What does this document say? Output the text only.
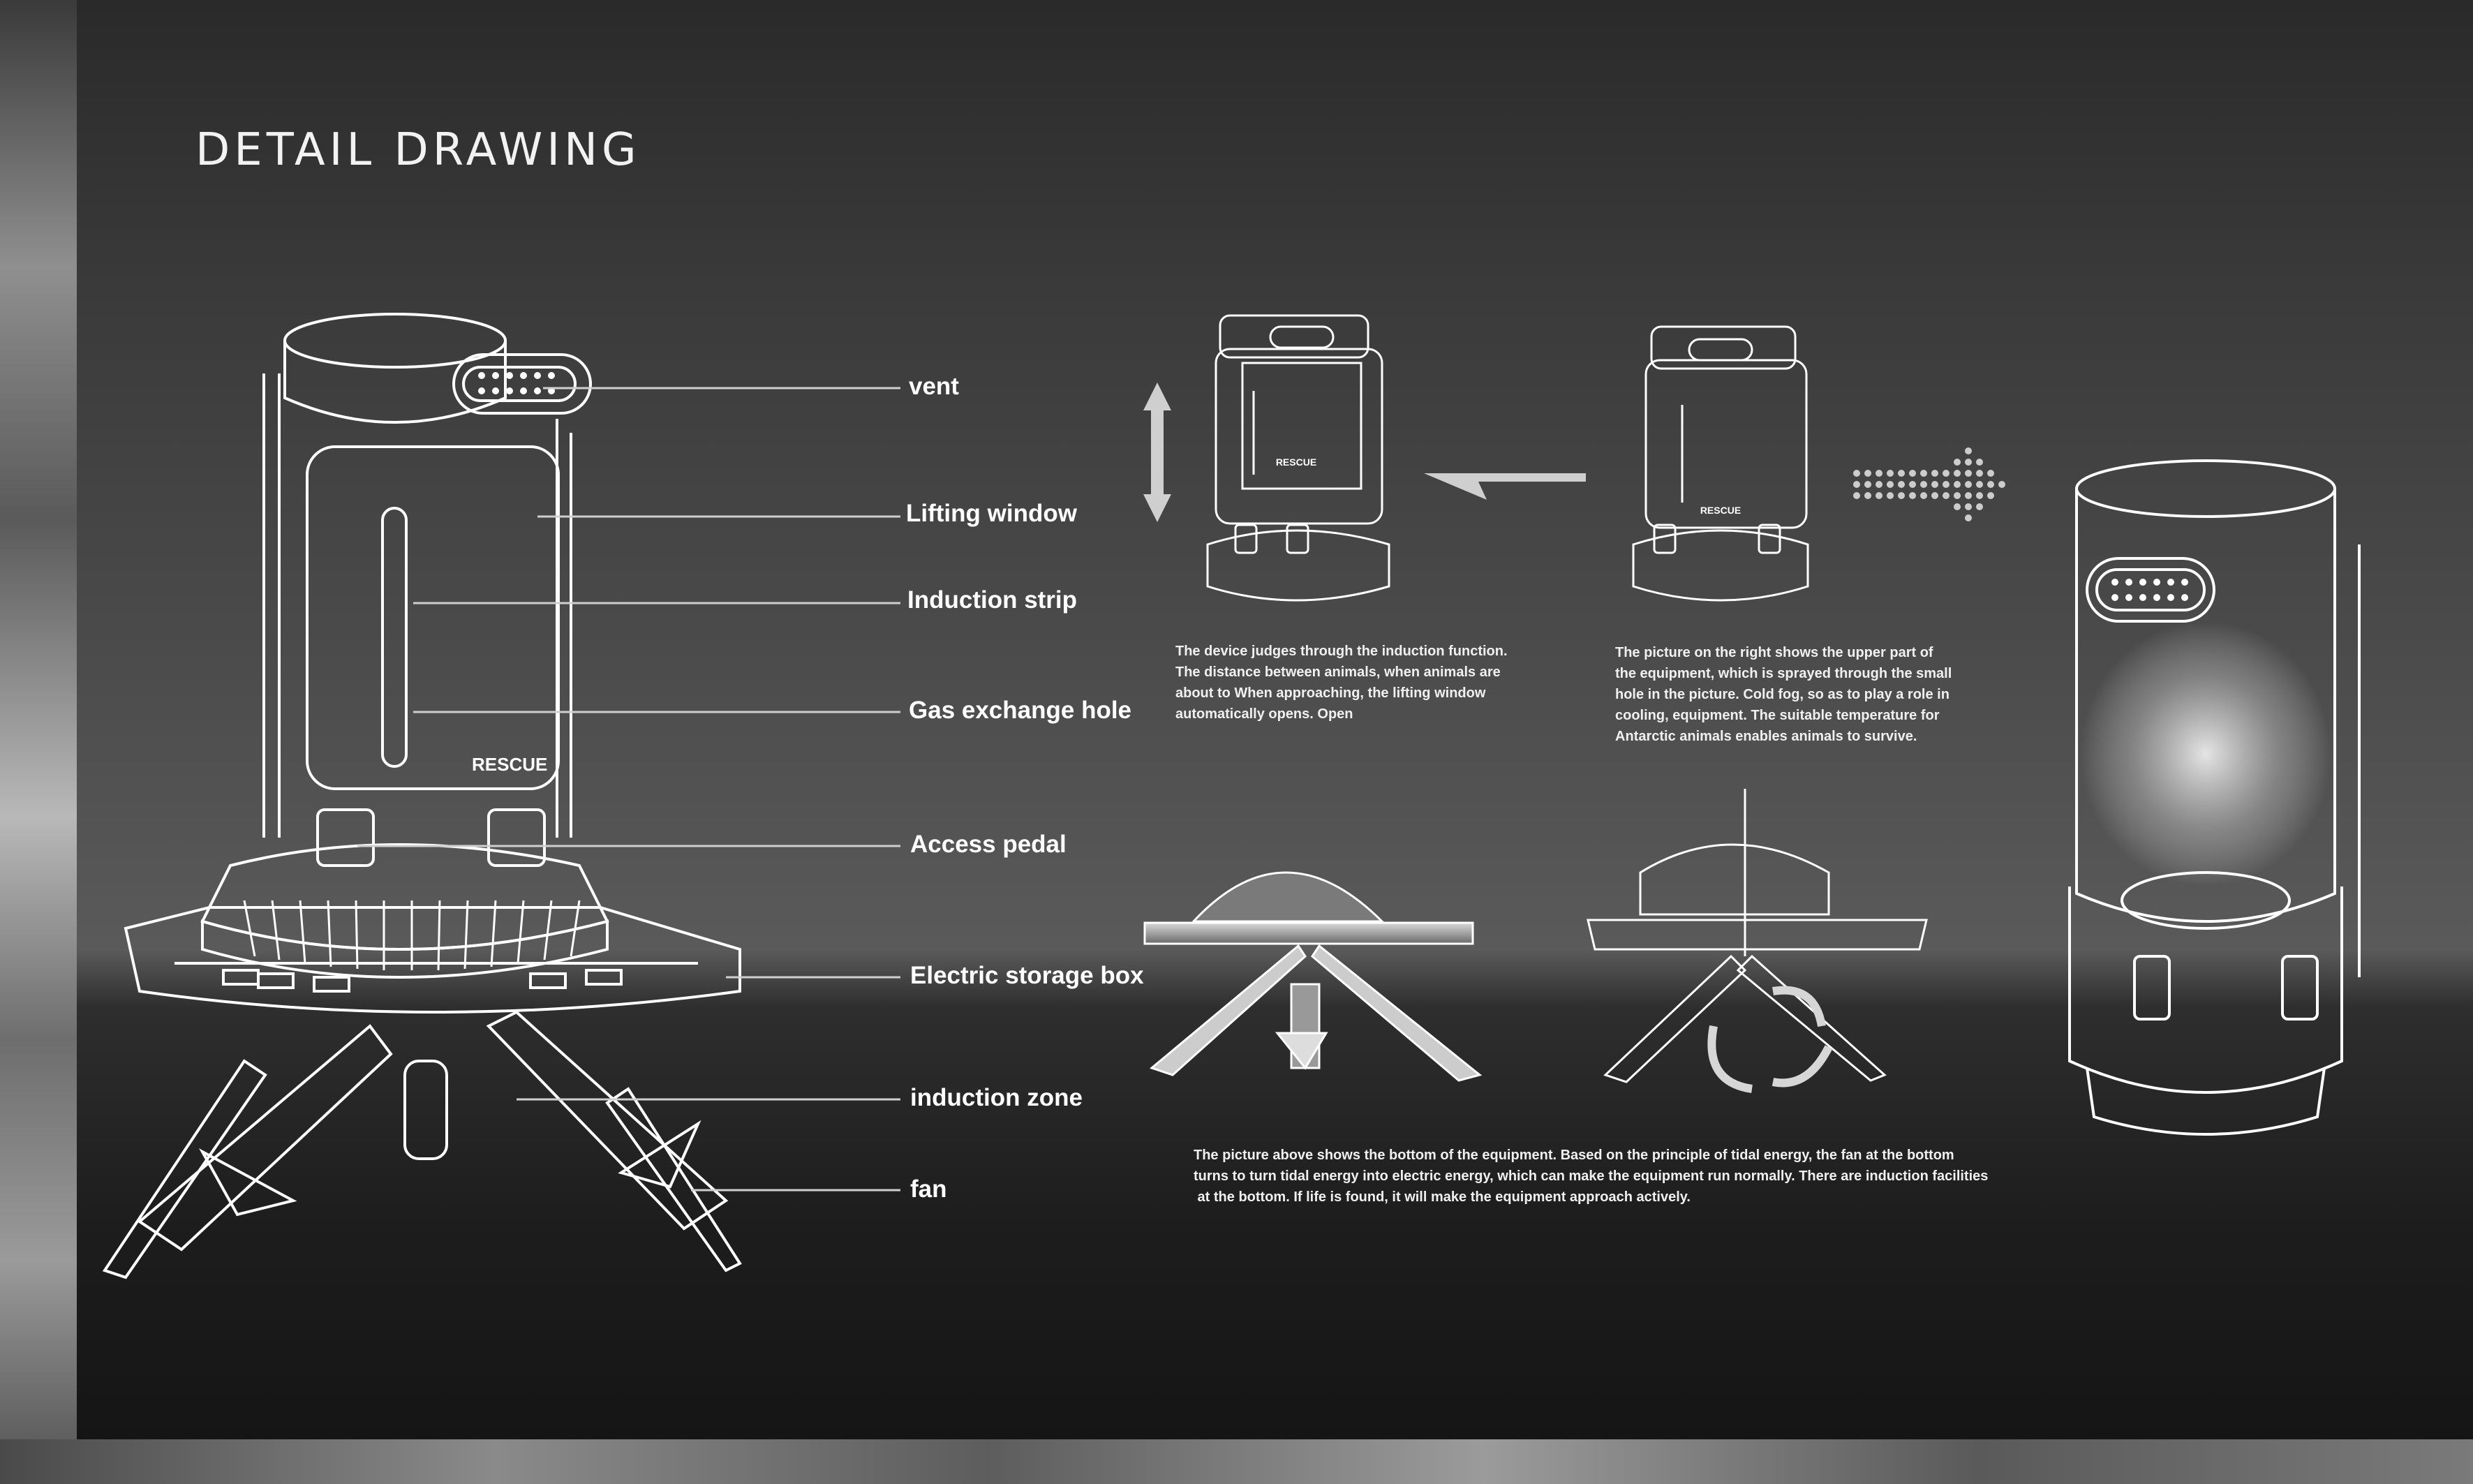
DETAIL DRAWING
RESCUE
RESCUE
vent
Lifting window
Induction strip
Gas exchange hole
Access pedal
Electric storage box
induction zone
fan
RESCUE
The device judges through the induction function.
The distance between animals, when animals are
about to When approaching, the lifting window
automatically opens. Open
The picture on the right shows the upper part of
the equipment, which is sprayed through the small
hole in the picture. Cold fog, so as to play a role in
cooling, equipment. The suitable temperature for
Antarctic animals enables animals to survive.
The picture above shows the bottom of the equipment. Based on the principle of tidal energy, the fan at the bottom
turns to turn tidal energy into electric energy, which can make the equipment run normally. There are induction facilities
at the bottom. If life is found, it will make the equipment approach actively.
